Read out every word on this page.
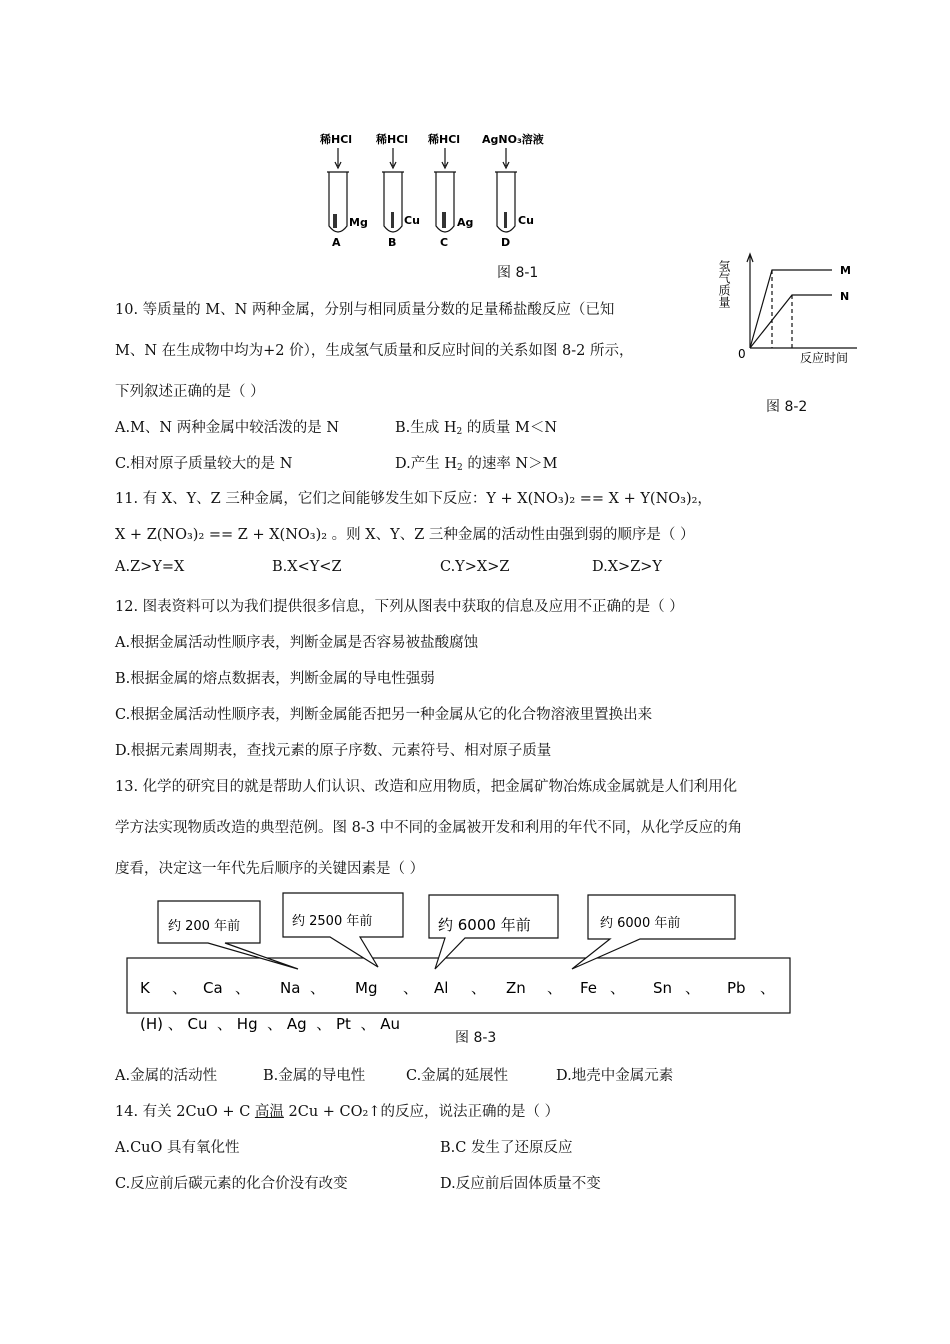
稀HCl 稀HCl 稀HCl AgNO₃溶液
Mg	Cu	Ag	Cu
A	B	C	D
图 8-1	氢气质量
0	反应时间
M
N
图 8-2
10. 等质量的 M、N 两种金属，分别与相同质量分数的足量稀盐酸反应（已知
M、N 在生成物中均为+2 价），生成氢气质量和反应时间的关系如图 8-2 所示，
下列叙述正确的是（ ）
A.M、N 两种金属中较活泼的是 N	B.生成 $H_2$ 的质量 M＜N
C.相对原子质量较大的是 N	D.产生 $H_2$ 的速率 N＞M
11. 有 X、Y、Z 三种金属，它们之间能够发生如下反应：Y + X(NO₃)₂ == X + Y(NO₃)₂，
X + Z(NO₃)₂ == Z + X(NO₃)₂ 。则 X、Y、Z 三种金属的活动性由强到弱的顺序是（ ）
A.Z>Y=X	B.X<Y<Z	C.Y>X>Z	D.X>Z>Y
12. 图表资料可以为我们提供很多信息，下列从图表中获取的信息及应用不正确的是（ ）
A.根据金属活动性顺序表，判断金属是否容易被盐酸腐蚀
B.根据金属的熔点数据表，判断金属的导电性强弱
C.根据金属活动性顺序表，判断金属能否把另一种金属从它的化合物溶液里置换出来
D.根据元素周期表，查找元素的原子序数、元素符号、相对原子质量
13. 化学的研究目的就是帮助人们认识、改造和应用物质，把金属矿物冶炼成金属就是人们利用化
学方法实现物质改造的典型范例。图 8-3 中不同的金属被开发和利用的年代不同，从化学反应的角
度看，决定这一年代先后顺序的关键因素是（ ）
约 200 年前	约 2500 年前	约 6000 年前	约 6000 年前
K 、 Ca 、 Na 、 Mg 、 Al 、 Zn 、 Fe 、 Sn 、 Pb 、
(H) 、 Cu  、 Hg  、 Ag  、 Pt  、 Au
图 8-3
A.金属的活动性	B.金属的导电性	C.金属的延展性	D.地壳中金属元素
14. 有关 2CuO + C 高温 2Cu + CO₂↑的反应，说法正确的是（ ）
A.CuO 具有氧化性	B.C 发生了还原反应
C.反应前后碳元素的化合价没有改变	D.反应前后固体质量不变
